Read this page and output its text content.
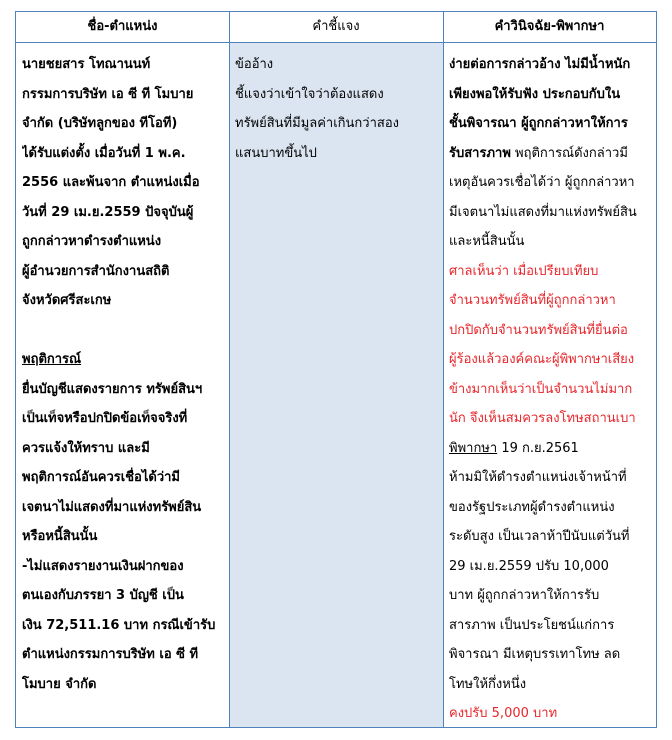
ชื่อ-ตำแหน่ง	คำชี้แจง	คำวินิจฉัย-พิพากษา
นายชยสาร โทณานนท์
กรรมการบริษัท เอ ซี ที โมบาย
จำกัด (บริษัทลูกของ ทีโอที)
ได้รับแต่งตั้ง เมื่อวันที่ 1 พ.ค.
2556 และพ้นจาก ตำแหน่งเมื่อ
วันที่ 29 เม.ย.2559 ปัจจุบันผู้
ถูกกล่าวหาดำรงตำแหน่ง
ผู้อำนวยการสำนักงานสถิติ
จังหวัดศรีสะเกษ
พฤติการณ์
ยื่นบัญชีแสดงรายการ ทรัพย์สินฯ
เป็นเท็จหรือปกปิดข้อเท็จจริงที่
ควรแจ้งให้ทราบ และมี
พฤติการณ์อันควรเชื่อได้ว่ามี
เจตนาไม่แสดงที่มาแห่งทรัพย์สิน
หรือหนี้สินนั้น
-ไม่แสดงรายงานเงินฝากของ
ตนเองกับภรรยา 3 บัญชี เป็น
เงิน 72,511.16 บาท กรณีเข้ารับ
ตำแหน่งกรรมการบริษัท เอ ซี ที
โมบาย จำกัด
ข้ออ้าง
ชี้แจงว่าเข้าใจว่าต้องแสดง
ทรัพย์สินที่มีมูลค่าเกินกว่าสอง
แสนบาทขึ้นไป
ง่ายต่อการกล่าวอ้าง ไม่มีน้ำหนัก
เพียงพอให้รับฟัง ประกอบกับใน
ชั้นพิจารณา ผู้ถูกกล่าวหาให้การ
รับสารภาพ พฤติการณ์ดังกล่าวมี
เหตุอันควรเชื่อได้ว่า ผู้ถูกกล่าวหา
มีเจตนาไม่แสดงที่มาแห่งทรัพย์สิน
และหนี้สินนั้น
ศาลเห็นว่า เมื่อเปรียบเทียบ
จำนวนทรัพย์สินที่ผู้ถูกกล่าวหา
ปกปิดกับจำนวนทรัพย์สินที่ยื่นต่อ
ผู้ร้องแล้วองค์คณะผู้พิพากษาเสียง
ข้างมากเห็นว่าเป็นจำนวนไม่มาก
นัก จึงเห็นสมควรลงโทษสถานเบา
พิพากษา 19 ก.ย.2561
ห้ามมิให้ดำรงตำแหน่งเจ้าหน้าที่
ของรัฐประเภทผู้ดำรงตำแหน่ง
ระดับสูง เป็นเวลาห้าปีนับแต่วันที่
29 เม.ย.2559 ปรับ 10,000
บาท ผู้ถูกกล่าวหาให้การรับ
สารภาพ เป็นประโยชน์แก่การ
พิจารณา มีเหตุบรรเทาโทษ ลด
โทษให้กึ่งหนึ่ง
คงปรับ 5,000 บาท
